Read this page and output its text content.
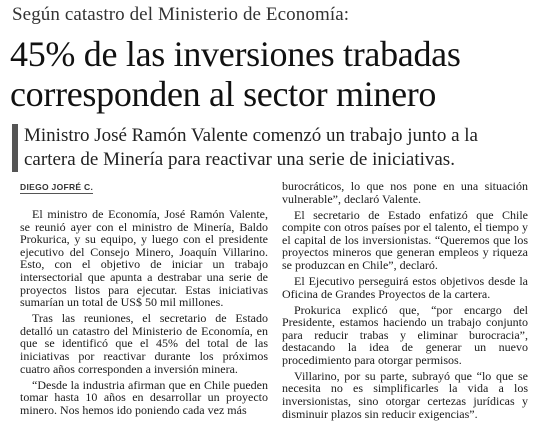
Según catastro del Ministerio de Economía:
45% de las inversiones trabadas
corresponden al sector minero
Ministro José Ramón Valente comenzó un trabajo junto a la
cartera de Minería para reactivar una serie de iniciativas.
DIEGO JOFRÉ C.

El ministro de Economía, José Ramón Valente, se reunió ayer con el ministro de Minería, Baldo Prokurica, y su equipo, y luego con el presidente ejecutivo del Consejo Minero, Joaquín Villarino. Esto, con el objetivo de iniciar un trabajo intersectorial que apunta a destrabar una serie de proyectos listos para ejecutar. Estas iniciativas sumarían un total de US$ 50 mil millones.

Tras las reuniones, el secretario de Estado detalló un catastro del Ministerio de Economía, en que se identificó que el 45% del total de las iniciativas por reactivar durante los próximos cuatro años corresponden a inversión minera.

“Desde la industria afirman que en Chile pueden tomar hasta 10 años en desarrollar un proyecto minero. Nos hemos ido poniendo cada vez más

burocráticos, lo que nos pone en una situación vulnerable”, declaró Valente.

El secretario de Estado enfatizó que Chile compite con otros países por el talento, el tiempo y el capital de los inversionistas. “Queremos que los proyectos mineros que generan empleos y riqueza se produzcan en Chile”, declaró.

El Ejecutivo perseguirá estos objetivos desde la Oficina de Grandes Proyectos de la cartera.

Prokurica explicó que, “por encargo del Presidente, estamos haciendo un trabajo conjunto para reducir trabas y eliminar burocracia”, destacando la idea de generar un nuevo procedimiento para otorgar permisos.

Villarino, por su parte, subrayó que “lo que se necesita no es simplificarles la vida a los inversionistas, sino otorgar certezas jurídicas y disminuir plazos sin reducir exigencias”.
